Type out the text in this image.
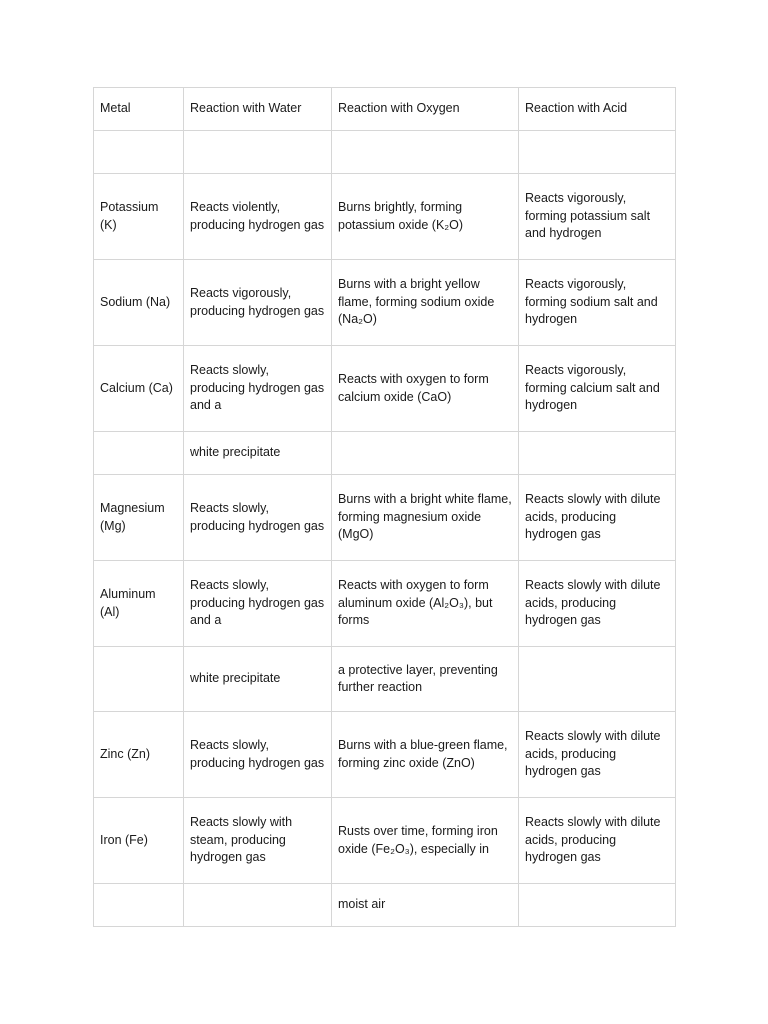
Metal	Reaction with Water	Reaction with Oxygen	Reaction with Acid

Potassium (K)	Reacts violently, producing hydrogen gas	Burns brightly, forming potassium oxide (K₂O)	Reacts vigorously, forming potassium salt and hydrogen
Sodium (Na)	Reacts vigorously, producing hydrogen gas	Burns with a bright yellow flame, forming sodium oxide (Na₂O)	Reacts vigorously, forming sodium salt and hydrogen
Calcium (Ca)	Reacts slowly, producing hydrogen gas and a	Reacts with oxygen to form calcium oxide (CaO)	Reacts vigorously, forming calcium salt and hydrogen
	white precipitate		
Magnesium (Mg)	Reacts slowly, producing hydrogen gas	Burns with a bright white flame, forming magnesium oxide (MgO)	Reacts slowly with dilute acids, producing hydrogen gas
Aluminum (Al)	Reacts slowly, producing hydrogen gas and a	Reacts with oxygen to form aluminum oxide (Al₂O₃), but forms	Reacts slowly with dilute acids, producing hydrogen gas
	white precipitate	a protective layer, preventing further reaction	
Zinc (Zn)	Reacts slowly, producing hydrogen gas	Burns with a blue-green flame, forming zinc oxide (ZnO)	Reacts slowly with dilute acids, producing hydrogen gas
Iron (Fe)	Reacts slowly with steam, producing hydrogen gas	Rusts over time, forming iron oxide (Fe₂O₃), especially in	Reacts slowly with dilute acids, producing hydrogen gas
		moist air	
